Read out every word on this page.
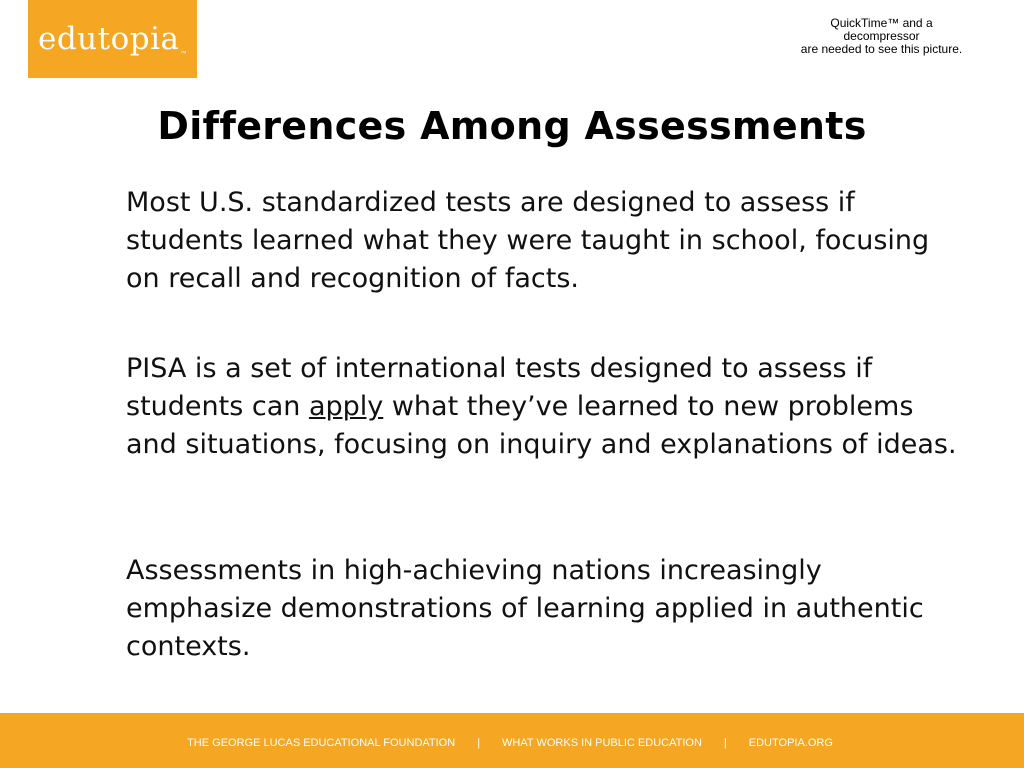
edutopia™
QuickTime™ and a
decompressor
are needed to see this picture.
Differences Among Assessments

Most U.S. standardized tests are designed to assess if students learned what they were taught in school, focusing on recall and recognition of facts.

PISA is a set of international tests designed to assess if students can apply what they’ve learned to new problems and situations, focusing on inquiry and explanations of ideas.

Assessments in high-achieving nations increasingly emphasize demonstrations of learning applied in authentic contexts.

THE GEORGE LUCAS EDUCATIONAL FOUNDATION | WHAT WORKS IN PUBLIC EDUCATION | EDUTOPIA.ORG
